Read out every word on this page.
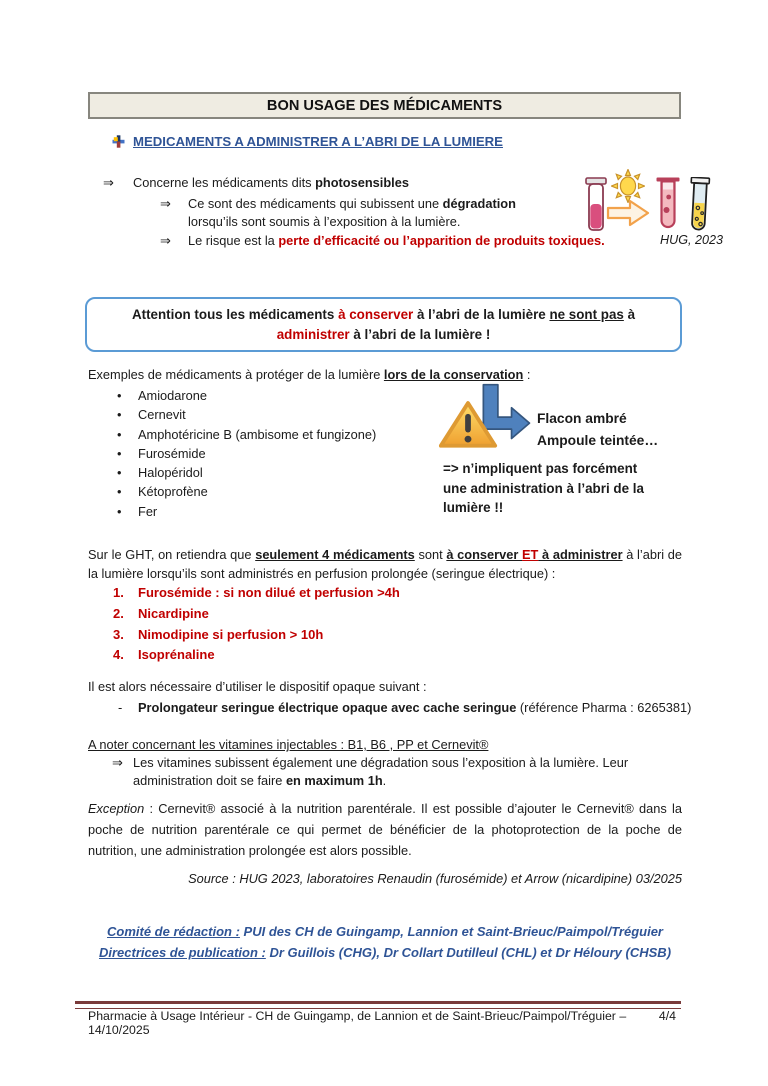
BON USAGE DES MÉDICAMENTS
MEDICAMENTS A ADMINISTRER A L’ABRI DE LA LUMIERE
⇒ Concerne les médicaments dits photosensibles
⇒ Ce sont des médicaments qui subissent une dégradation
lorsqu’ils sont soumis à l’exposition à la lumière.
⇒ Le risque est la perte d’efficacité ou l’apparition de produits toxiques.	HUG, 2023
Attention tous les médicaments à conserver à l’abri de la lumière ne sont pas à
administrer à l’abri de la lumière !
Exemples de médicaments à protéger de la lumière lors de la conservation :
• Amiodarone
• Cernevit
• Amphotéricine B (ambisome et fungizone)
• Furosémide
• Halopéridol
• Kétoprofène
• Fer
Flacon ambré
Ampoule teintée…
=> n’impliquent pas forcément
une administration à l’abri de la
lumière !!
Sur le GHT, on retiendra que seulement 4 médicaments sont à conserver ET à administrer à l’abri de
la lumière lorsqu’ils sont administrés en perfusion prolongée (seringue électrique) :
1. Furosémide : si non dilué et perfusion >4h
2. Nicardipine
3. Nimodipine si perfusion > 10h
4. Isoprénaline
Il est alors nécessaire d’utiliser le dispositif opaque suivant :
- Prolongateur seringue électrique opaque avec cache seringue (référence Pharma : 6265381)
A noter concernant les vitamines injectables : B1, B6 , PP et Cernevit®
⇒ Les vitamines subissent également une dégradation sous l’exposition à la lumière. Leur
administration doit se faire en maximum 1h.
Exception : Cernevit® associé à la nutrition parentérale. Il est possible d’ajouter le Cernevit® dans la
poche de nutrition parentérale ce qui permet de bénéficier de la photoprotection de la poche de
nutrition, une administration prolongée est alors possible.
Source : HUG 2023, laboratoires Renaudin (furosémide) et Arrow (nicardipine) 03/2025
Comité de rédaction : PUI des CH de Guingamp, Lannion et Saint-Brieuc/Paimpol/Tréguier
Directrices de publication : Dr Guillois (CHG), Dr Collart Dutilleul (CHL) et Dr Héloury (CHSB)
Pharmacie à Usage Intérieur - CH de Guingamp, de Lannion et de Saint-Brieuc/Paimpol/Tréguier – 14/10/2025
4/4
